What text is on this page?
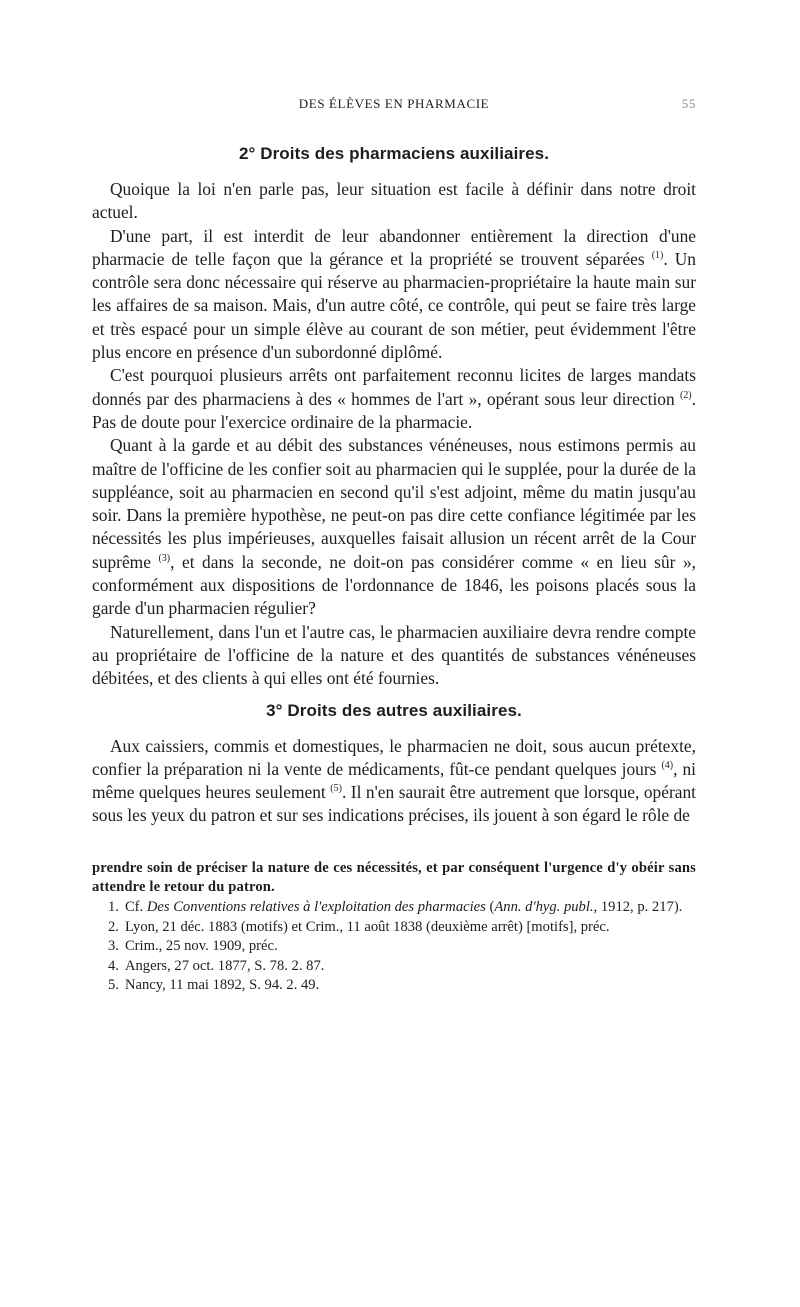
DES ÉLÈVES EN PHARMACIE	55
2° Droits des pharmaciens auxiliaires.

Quoique la loi n'en parle pas, leur situation est facile à définir dans notre droit actuel.

D'une part, il est interdit de leur abandonner entièrement la direction d'une pharmacie de telle façon que la gérance et la propriété se trouvent séparées $^{(1)}$. Un contrôle sera donc nécessaire qui réserve au pharmacien-propriétaire la haute main sur les affaires de sa maison. Mais, d'un autre côté, ce contrôle, qui peut se faire très large et très espacé pour un simple élève au courant de son métier, peut évidemment l'être plus encore en présence d'un subordonné diplômé.

C'est pourquoi plusieurs arrêts ont parfaitement reconnu licites de larges mandats donnés par des pharmaciens à des « hommes de l'art », opérant sous leur direction $^{(2)}$. Pas de doute pour l'exercice ordinaire de la pharmacie.

Quant à la garde et au débit des substances vénéneuses, nous estimons permis au maître de l'officine de les confier soit au pharmacien qui le supplée, pour la durée de la suppléance, soit au pharmacien en second qu'il s'est adjoint, même du matin jusqu'au soir. Dans la première hypothèse, ne peut-on pas dire cette confiance légitimée par les nécessités les plus impérieuses, auxquelles faisait allusion un récent arrêt de la Cour suprême $^{(3)}$, et dans la seconde, ne doit-on pas considérer comme « en lieu sûr », conformément aux dispositions de l'ordonnance de 1846, les poisons placés sous la garde d'un pharmacien régulier?

Naturellement, dans l'un et l'autre cas, le pharmacien auxiliaire devra rendre compte au propriétaire de l'officine de la nature et des quantités de substances vénéneuses débitées, et des clients à qui elles ont été fournies.

3° Droits des autres auxiliaires.

Aux caissiers, commis et domestiques, le pharmacien ne doit, sous aucun prétexte, confier la préparation ni la vente de médicaments, fût-ce pendant quelques jours $^{(4)}$, ni même quelques heures seulement $^{(5)}$. Il n'en saurait être autrement que lorsque, opérant sous les yeux du patron et sur ses indications précises, ils jouent à son égard le rôle de

prendre soin de préciser la nature de ces nécessités, et par conséquent l'urgence d'y obéir sans attendre le retour du patron.

1. Cf. Des Conventions relatives à l'exploitation des pharmacies (Ann. d'hyg. publ., 1912, p. 217).

2. Lyon, 21 déc. 1883 (motifs) et Crim., 11 août 1838 (deuxième arrêt) [motifs], préc.

3. Crim., 25 nov. 1909, préc.

4. Angers, 27 oct. 1877, S. 78. 2. 87.

5. Nancy, 11 mai 1892, S. 94. 2. 49.
